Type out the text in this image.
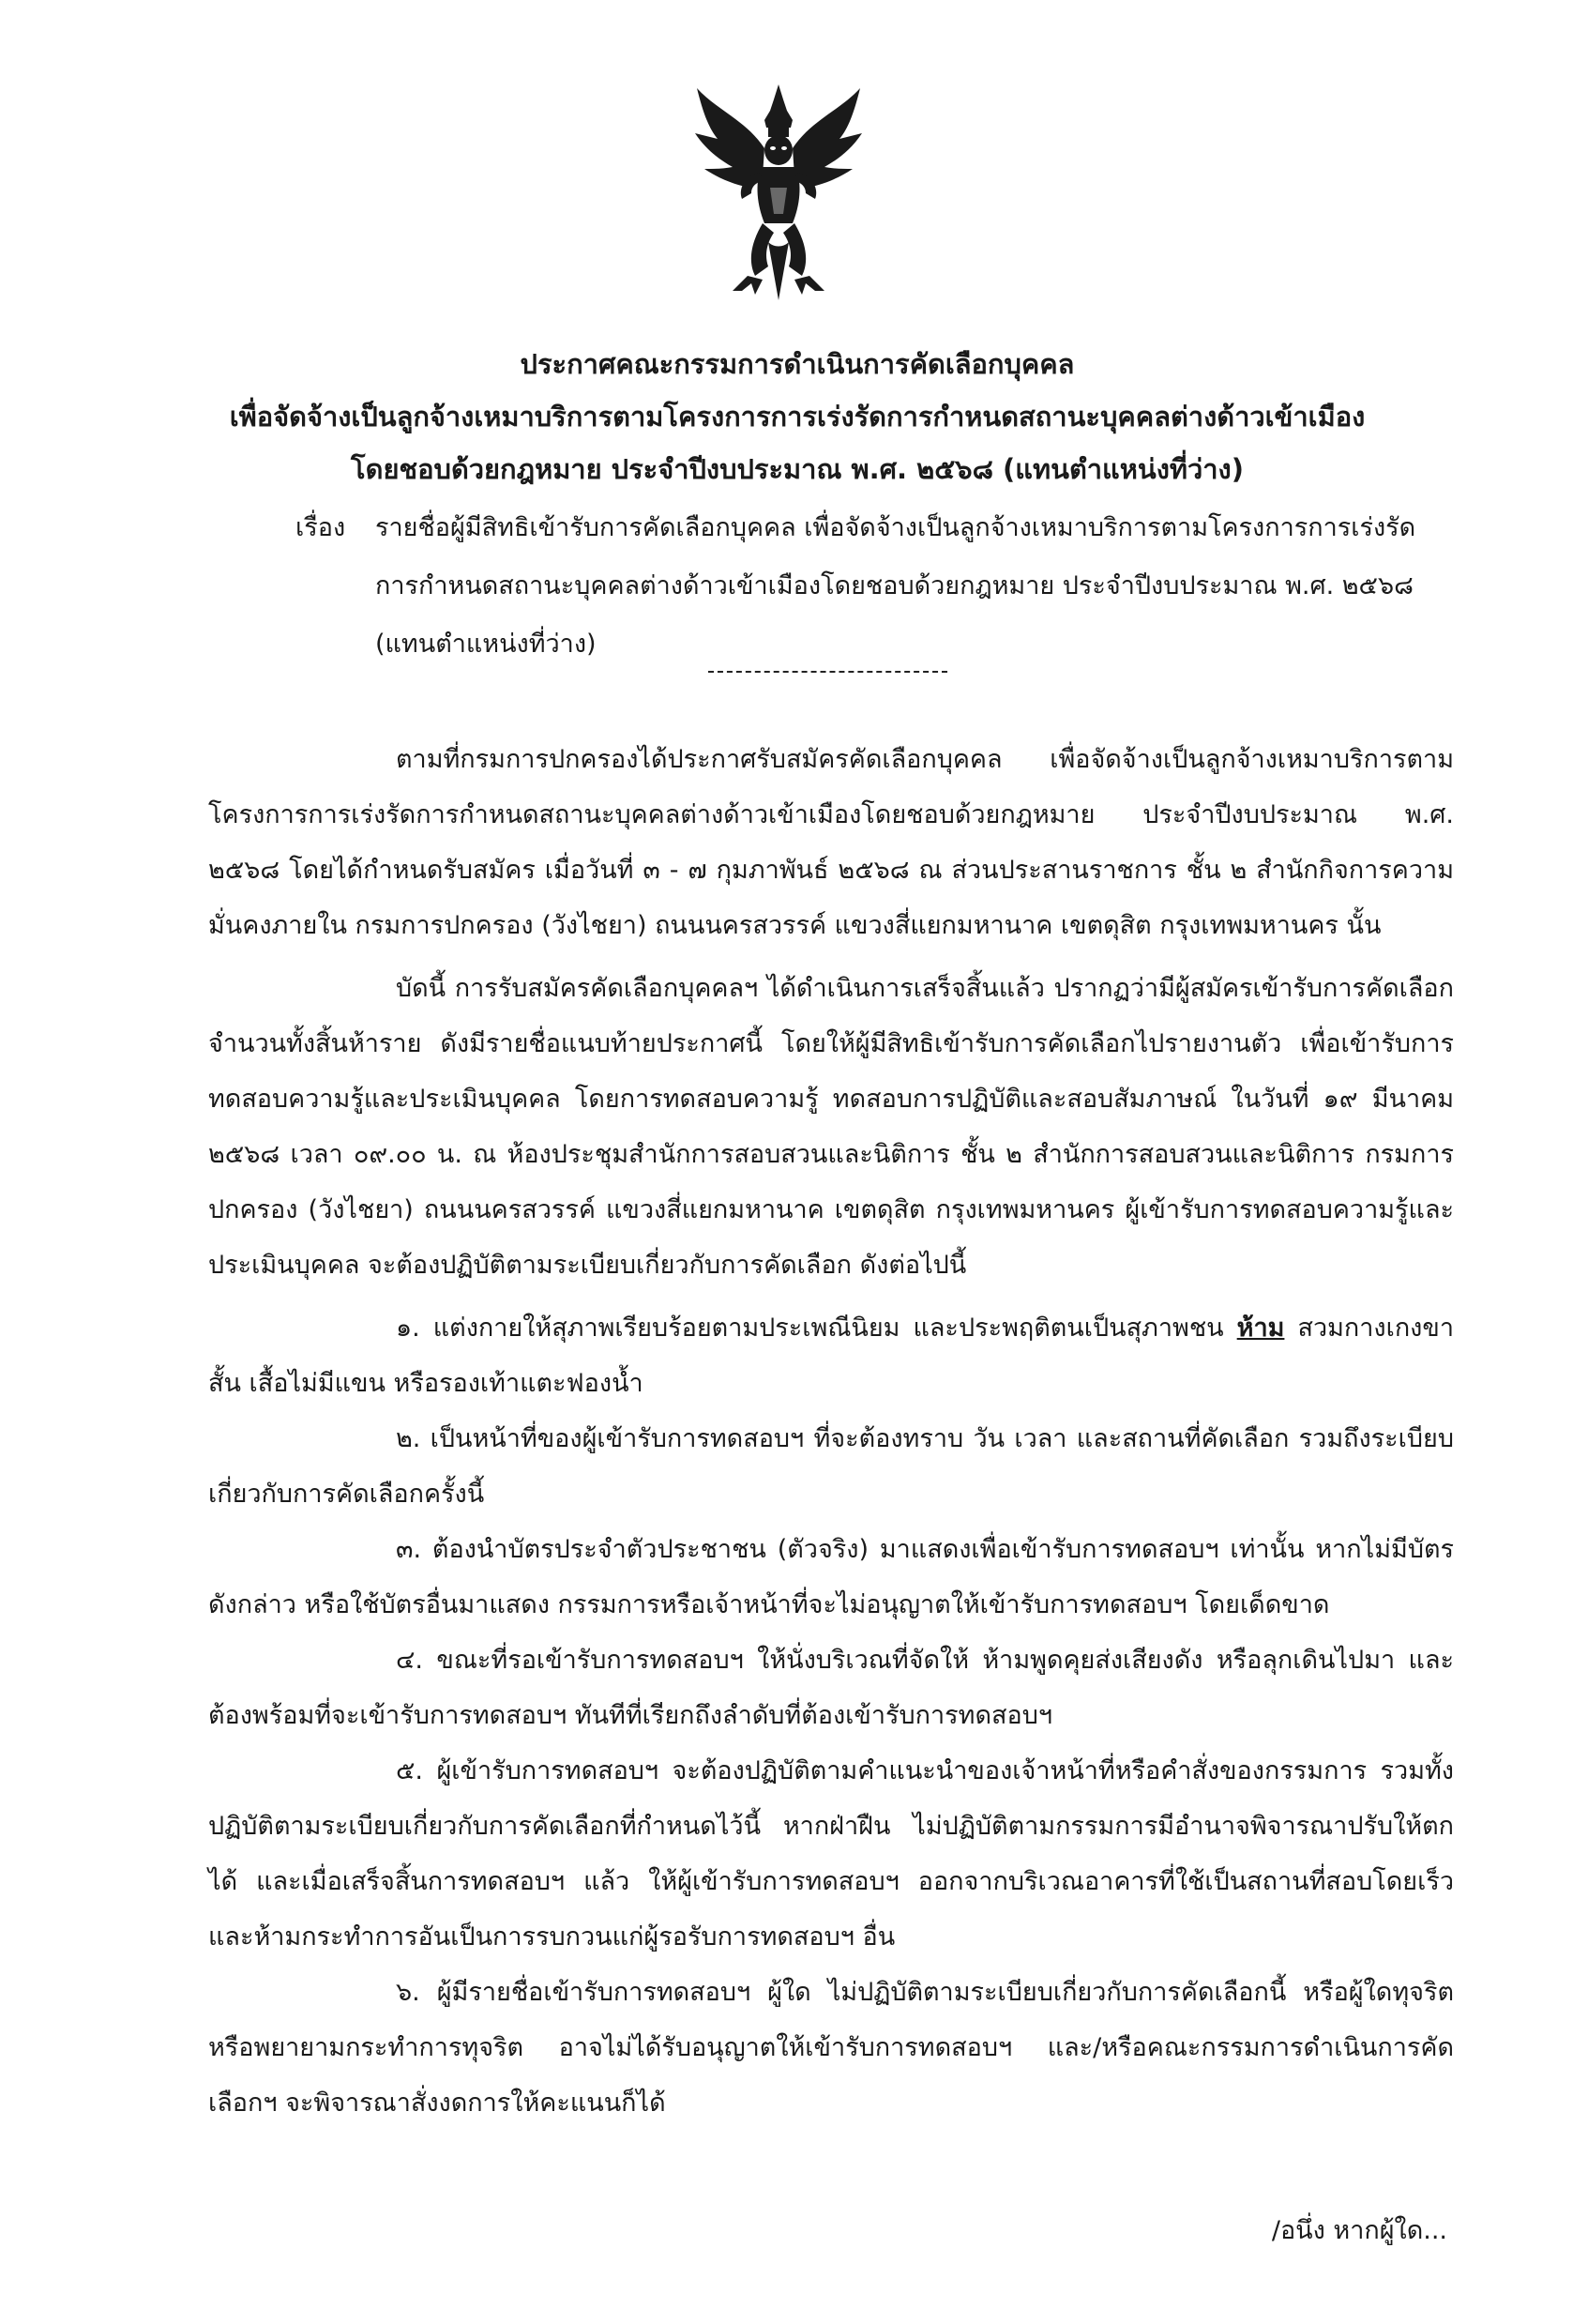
ประกาศคณะกรรมการดำเนินการคัดเลือกบุคคล
เพื่อจัดจ้างเป็นลูกจ้างเหมาบริการตามโครงการการเร่งรัดการกำหนดสถานะบุคคลต่างด้าวเข้าเมือง
โดยชอบด้วยกฎหมาย ประจำปีงบประมาณ พ.ศ. ๒๕๖๘ (แทนตำแหน่งที่ว่าง)
เรื่อง รายชื่อผู้มีสิทธิเข้ารับการคัดเลือกบุคคล เพื่อจัดจ้างเป็นลูกจ้างเหมาบริการตามโครงการการเร่งรัดการกำหนดสถานะบุคคลต่างด้าวเข้าเมืองโดยชอบด้วยกฎหมาย ประจำปีงบประมาณ พ.ศ. ๒๕๖๘ (แทนตำแหน่งที่ว่าง)

ตามที่กรมการปกครองได้ประกาศรับสมัครคัดเลือกบุคคล เพื่อจัดจ้างเป็นลูกจ้างเหมาบริการตามโครงการการเร่งรัดการกำหนดสถานะบุคคลต่างด้าวเข้าเมืองโดยชอบด้วยกฎหมาย ประจำปีงบประมาณ พ.ศ. ๒๕๖๘ โดยได้กำหนดรับสมัคร เมื่อวันที่ ๓ - ๗ กุมภาพันธ์ ๒๕๖๘ ณ ส่วนประสานราชการ ชั้น ๒ สำนักกิจการความมั่นคงภายใน กรมการปกครอง (วังไชยา) ถนนนครสวรรค์ แขวงสี่แยกมหานาค เขตดุสิต กรุงเทพมหานคร นั้น

บัดนี้ การรับสมัครคัดเลือกบุคคลฯ ได้ดำเนินการเสร็จสิ้นแล้ว ปรากฏว่ามีผู้สมัครเข้ารับการคัดเลือก จำนวนทั้งสิ้นห้าราย ดังมีรายชื่อแนบท้ายประกาศนี้ โดยให้ผู้มีสิทธิเข้ารับการคัดเลือกไปรายงานตัว เพื่อเข้ารับการทดสอบความรู้และประเมินบุคคล โดยการทดสอบความรู้ ทดสอบการปฏิบัติและสอบสัมภาษณ์ ในวันที่ ๑๙ มีนาคม ๒๕๖๘ เวลา ๐๙.๐๐ น. ณ ห้องประชุมสำนักการสอบสวนและนิติการ ชั้น ๒ สำนักการสอบสวนและนิติการ กรมการปกครอง (วังไชยา) ถนนนครสวรรค์ แขวงสี่แยกมหานาค เขตดุสิต กรุงเทพมหานคร ผู้เข้ารับการทดสอบความรู้และประเมินบุคคล จะต้องปฏิบัติตามระเบียบเกี่ยวกับการคัดเลือก ดังต่อไปนี้

๑. แต่งกายให้สุภาพเรียบร้อยตามประเพณีนิยม และประพฤติตนเป็นสุภาพชน ห้าม สวมกางเกงขาสั้น เสื้อไม่มีแขน หรือรองเท้าแตะฟองน้ำ

๒. เป็นหน้าที่ของผู้เข้ารับการทดสอบฯ ที่จะต้องทราบ วัน เวลา และสถานที่คัดเลือก รวมถึงระเบียบเกี่ยวกับการคัดเลือกครั้งนี้

๓. ต้องนำบัตรประจำตัวประชาชน (ตัวจริง) มาแสดงเพื่อเข้ารับการทดสอบฯ เท่านั้น หากไม่มีบัตรดังกล่าว หรือใช้บัตรอื่นมาแสดง กรรมการหรือเจ้าหน้าที่จะไม่อนุญาตให้เข้ารับการทดสอบฯ โดยเด็ดขาด

๔. ขณะที่รอเข้ารับการทดสอบฯ ให้นั่งบริเวณที่จัดให้ ห้ามพูดคุยส่งเสียงดัง หรือลุกเดินไปมา และต้องพร้อมที่จะเข้ารับการทดสอบฯ ทันทีที่เรียกถึงลำดับที่ต้องเข้ารับการทดสอบฯ

๕. ผู้เข้ารับการทดสอบฯ จะต้องปฏิบัติตามคำแนะนำของเจ้าหน้าที่หรือคำสั่งของกรรมการ รวมทั้งปฏิบัติตามระเบียบเกี่ยวกับการคัดเลือกที่กำหนดไว้นี้ หากฝ่าฝืน ไม่ปฏิบัติตามกรรมการมีอำนาจพิจารณาปรับให้ตกได้ และเมื่อเสร็จสิ้นการทดสอบฯ แล้ว ให้ผู้เข้ารับการทดสอบฯ ออกจากบริเวณอาคารที่ใช้เป็นสถานที่สอบโดยเร็ว และห้ามกระทำการอันเป็นการรบกวนแก่ผู้รอรับการทดสอบฯ อื่น

๖. ผู้มีรายชื่อเข้ารับการทดสอบฯ ผู้ใด ไม่ปฏิบัติตามระเบียบเกี่ยวกับการคัดเลือกนี้ หรือผู้ใดทุจริตหรือพยายามกระทำการทุจริต อาจไม่ได้รับอนุญาตให้เข้ารับการทดสอบฯ และ/หรือคณะกรรมการดำเนินการคัดเลือกฯ จะพิจารณาสั่งงดการให้คะแนนก็ได้

/อนึ่ง หากผู้ใด...
